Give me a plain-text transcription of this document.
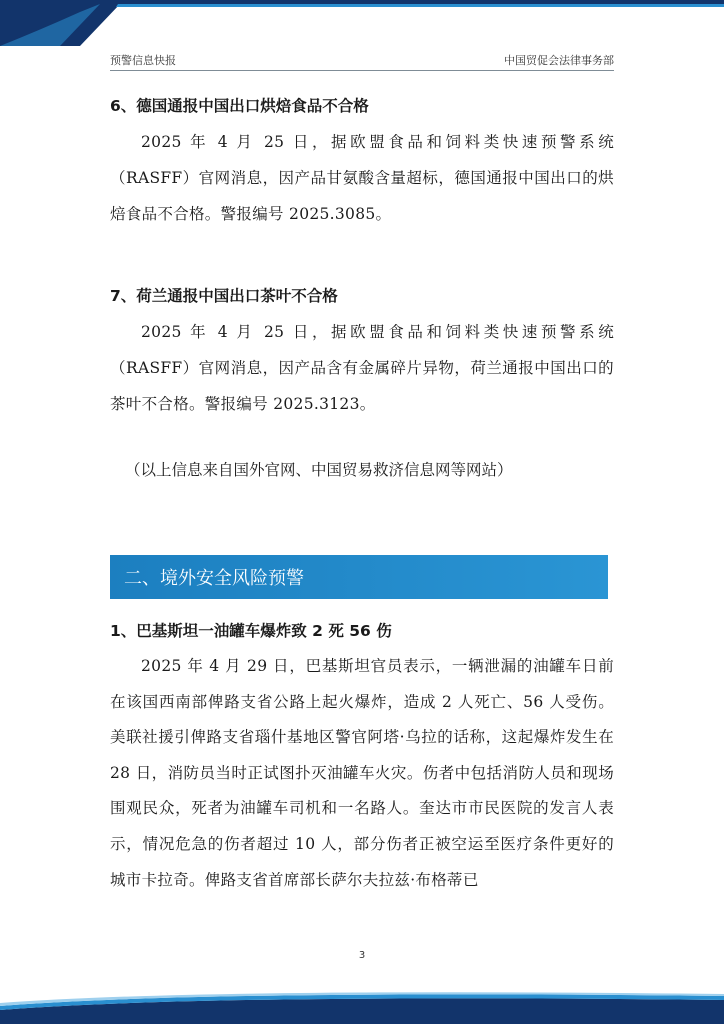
预警信息快报	中国贸促会法律事务部

6、德国通报中国出口烘焙食品不合格

2025 年 4 月 25 日，据欧盟食品和饲料类快速预警系统（RASFF）官网消息，因产品甘氨酸含量超标，德国通报中国出口的烘焙食品不合格。警报编号 2025.3085。

7、荷兰通报中国出口茶叶不合格

2025 年 4 月 25 日，据欧盟食品和饲料类快速预警系统（RASFF）官网消息，因产品含有金属碎片异物，荷兰通报中国出口的茶叶不合格。警报编号 2025.3123。

（以上信息来自国外官网、中国贸易救济信息网等网站）

二、境外安全风险预警

1、巴基斯坦一油罐车爆炸致 2 死 56 伤

2025 年 4 月 29 日，巴基斯坦官员表示，一辆泄漏的油罐车日前在该国西南部俾路支省公路上起火爆炸，造成 2 人死亡、56 人受伤。美联社援引俾路支省瑙什基地区警官阿塔·乌拉的话称，这起爆炸发生在 28 日，消防员当时正试图扑灭油罐车火灾。伤者中包括消防人员和现场围观民众，死者为油罐车司机和一名路人。奎达市市民医院的发言人表示，情况危急的伤者超过 10 人，部分伤者正被空运至医疗条件更好的城市卡拉奇。俾路支省首席部长萨尔夫拉兹·布格蒂已

3
